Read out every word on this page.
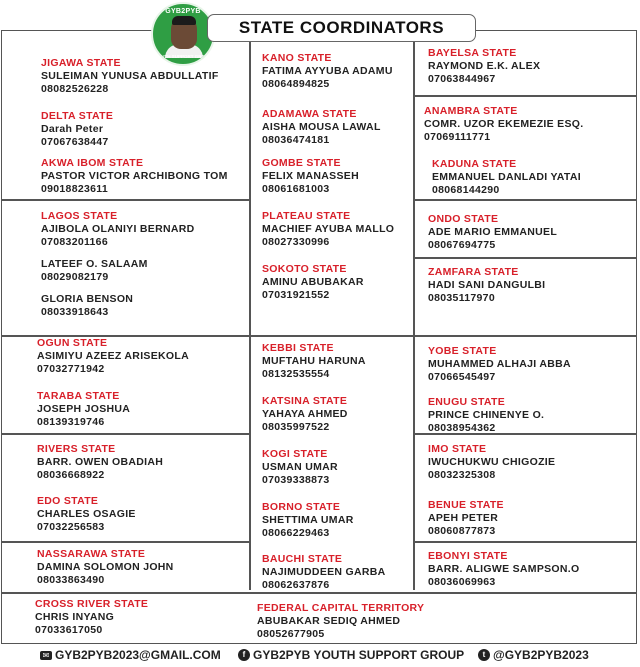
GYB2PYB
YOUTH SUPPORT GROUP
STATE COORDINATORS
JIGAWA STATE
SULEIMAN YUNUSA ABDULLATIF
08082526228
DELTA STATE
Darah Peter
07067638447
AKWA IBOM STATE
PASTOR VICTOR ARCHIBONG TOM
09018823611
LAGOS STATE
AJIBOLA OLANIYI BERNARD
07083201166
LATEEF O. SALAAM
08029082179
GLORIA BENSON
08033918643
OGUN STATE
ASIMIYU AZEEZ ARISEKOLA
07032771942
TARABA STATE
JOSEPH JOSHUA
08139319746
RIVERS STATE
BARR. OWEN OBADIAH
08036668922
EDO STATE
CHARLES OSAGIE
07032256583
NASSARAWA STATE
DAMINA SOLOMON JOHN
08033863490
CROSS RIVER STATE
CHRIS INYANG
07033617050
KANO STATE
FATIMA AYYUBA ADAMU
08064894825
ADAMAWA STATE
AISHA MOUSA LAWAL
08036474181
GOMBE STATE
FELIX MANASSEH
08061681003
PLATEAU STATE
MACHIEF AYUBA MALLO
08027330996
SOKOTO STATE
AMINU ABUBAKAR
07031921552
KEBBI STATE
MUFTAHU HARUNA
08132535554
KATSINA STATE
YAHAYA AHMED
08035997522
KOGI STATE
USMAN UMAR
07039338873
BORNO STATE
SHETTIMA UMAR
08066229463
BAUCHI STATE
NAJIMUDDEEN GARBA
08062637876
FEDERAL CAPITAL TERRITORY
ABUBAKAR SEDIQ AHMED
08052677905
BAYELSA STATE
RAYMOND E.K. ALEX
07063844967
ANAMBRA STATE
COMR. UZOR EKEMEZIE ESQ.
07069111771
KADUNA STATE
EMMANUEL DANLADI YATAI
08068144290
ONDO STATE
ADE MARIO EMMANUEL
08067694775
ZAMFARA STATE
HADI SANI DANGULBI
08035117970
YOBE STATE
MUHAMMED ALHAJI ABBA
07066545497
ENUGU STATE
PRINCE CHINENYE O.
08038954362
IMO STATE
IWUCHUKWU CHIGOZIE
08032325308
BENUE STATE
APEH PETER
08060877873
EBONYI STATE
BARR. ALIGWE SAMPSON.O
08036069963
✉ GYB2PYB2023@GMAIL.COM	f GYB2PYB YOUTH SUPPORT GROUP	t @GYB2PYB2023
